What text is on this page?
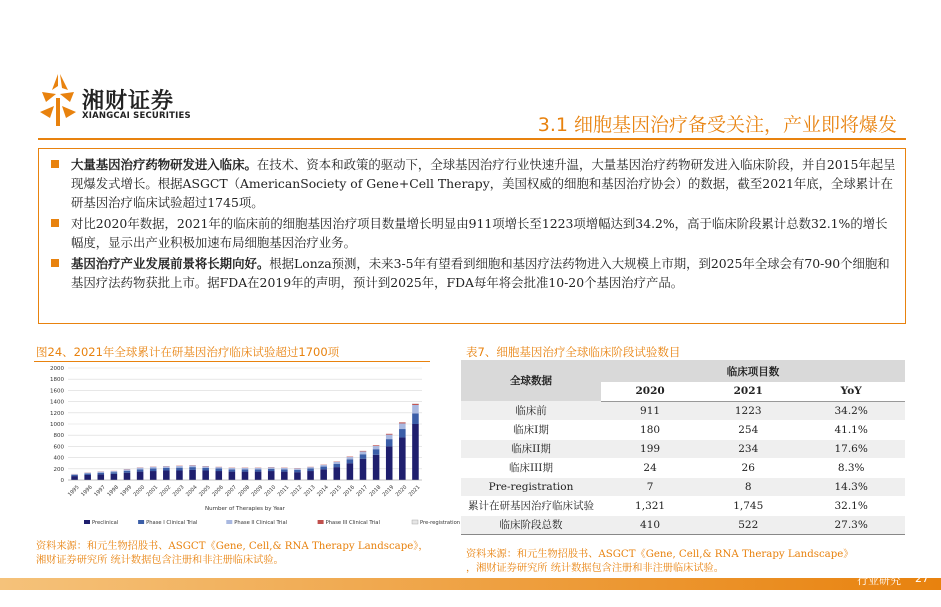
湘财证券
XIANGCAI SECURITIES	3.1 细胞基因治疗备受关注，产业即将爆发
大量基因治疗药物研发进入临床。在技术、资本和政策的驱动下，全球基因治疗行业快速升温，大量基因治疗药物研发进入临床阶段，并自2015年起呈现爆发式增长。根据ASGCT（AmericanSociety of Gene+Cell Therapy，美国权威的细胞和基因治疗协会）的数据，截至2021年底，全球累计在研基因治疗临床试验超过1745项。
对比2020年数据，2021年的临床前的细胞基因治疗项目数量增长明显由911项增长至1223项增幅达到34.2%，高于临床阶段累计总数32.1%的增长幅度，显示出产业积极加速布局细胞基因治疗业务。
基因治疗产业发展前景将长期向好。根据Lonza预测，未来3-5年有望看到细胞和基因疗法药物进入大规模上市期，到2025年全球会有70-90个细胞和基因疗法药物获批上市。据FDA在2019年的声明，预计到2025年，FDA每年将会批准10-20个基因治疗产品。
图24、2021年全球累计在研基因治疗临床试验超过1700项
0
200
400
600
800
1000
1200
1400
1600
1800
2000
1995 1996 1997 1998 1999 2000 2001 2002 2003 2004 2005 2006 2007 2008 2009 2010 2011 2012 2013 2014 2015 2016 2017 2018 2019 2020 2021
Number of Therapies by Year
Preclinical	Phase I Clinical Trial	Phase II Clinical Trial	Phase III Clinical Trial	Pre-registration
资料来源：和元生物招股书、ASGCT《Gene, Cell,& RNA Therapy Landscape》，
湘财证券研究所 统计数据包含注册和非注册临床试验。
表7、细胞基因治疗全球临床阶段试验数目
全球数据	临床项目数		
	2020	2021	YoY
临床前	911	1223	34.2%
临床I期	180	254	41.1%
临床II期	199	234	17.6%
临床III期	24	26	8.3%
Pre-registration	7	8	14.3%
累计在研基因治疗临床试验	1,321	1,745	32.1%
临床阶段总数	410	522	27.3%
资料来源：和元生物招股书、ASGCT《Gene, Cell,& RNA Therapy Landscape》
，湘财证券研究所 统计数据包含注册和非注册临床试验。
行业研究 27
